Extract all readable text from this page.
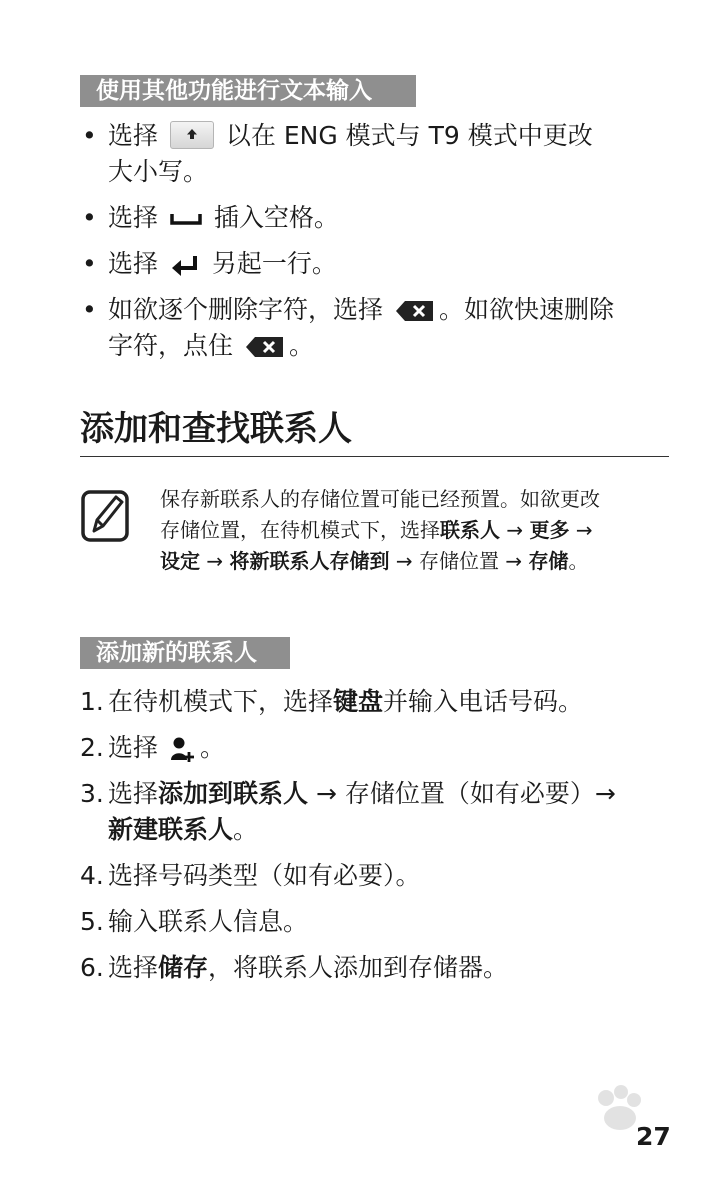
使用其他功能进行文本输入
• 选择	以在 ENG 模式与 T9 模式中更改
大小写。
• 选择 插入空格。
• 选择 另起一行。
• 如欲逐个删除字符，选择 。如欲快速删除
字符，点住 。
添加和查找联系人
保存新联系人的存储位置可能已经预置。如欲更改
存储位置，在待机模式下，选择联系人 → 更多 →
设定 → 将新联系人存储到 → 存储位置 → 存储。
添加新的联系人
1. 在待机模式下，选择键盘并输入电话号码。
2. 选择 。
3. 选择添加到联系人 → 存储位置（如有必要）→
新建联系人。
4. 选择号码类型（如有必要）。
5. 输入联系人信息。
6. 选择储存，将联系人添加到存储器。
27
